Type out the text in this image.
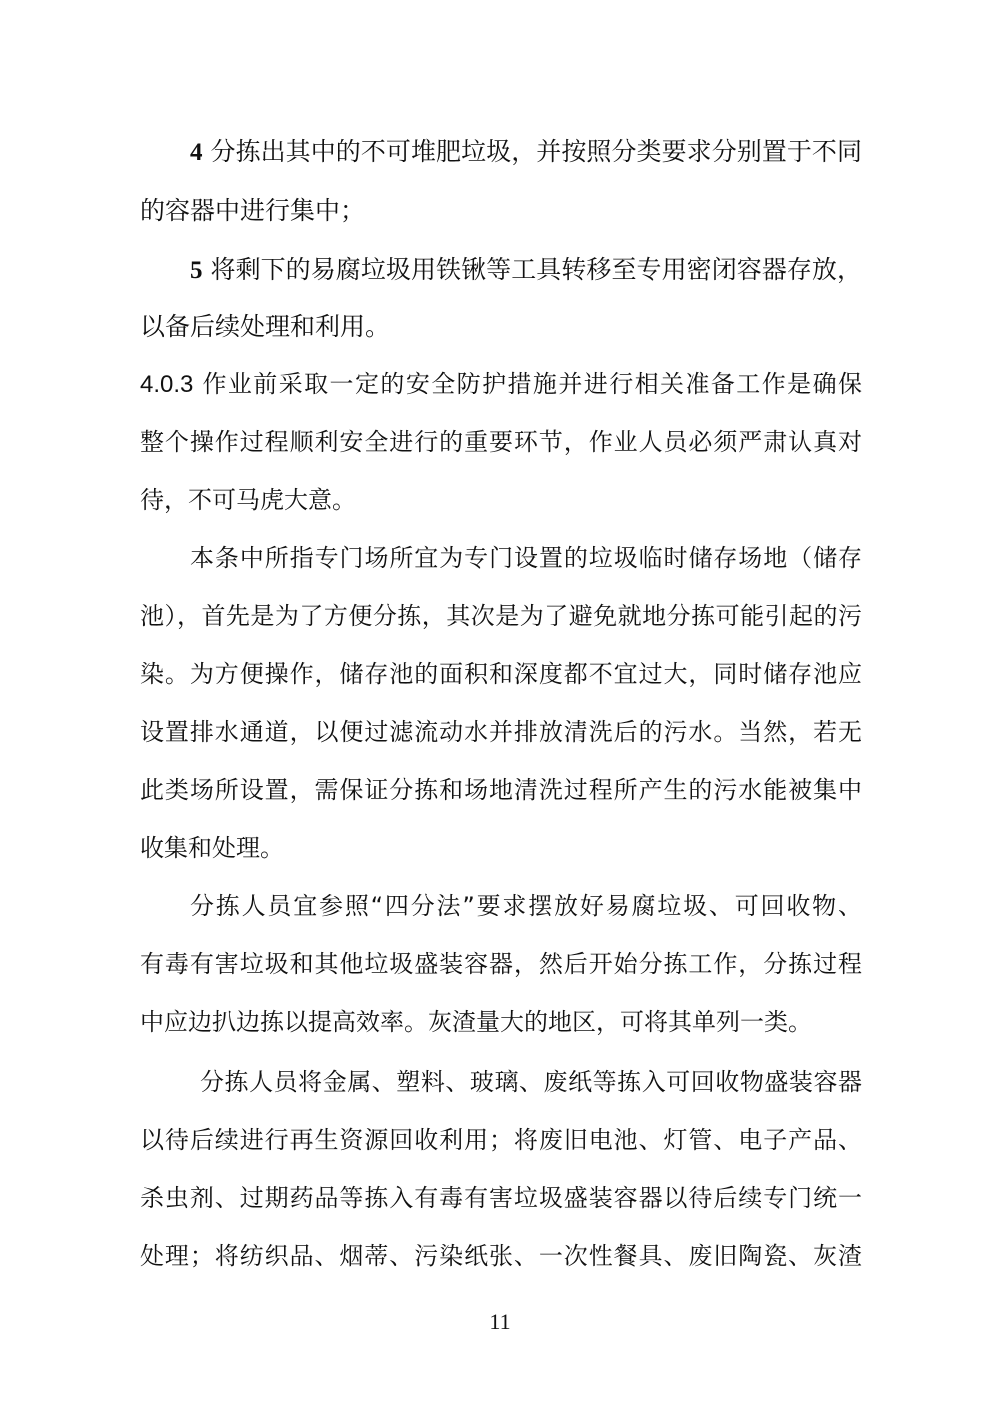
4 分拣出其中的不可堆肥垃圾，并按照分类要求分别置于不同
的容器中进行集中；
5 将剩下的易腐垃圾用铁锹等工具转移至专用密闭容器存放，
以备后续处理和利用。
4.0.3 作业前采取一定的安全防护措施并进行相关准备工作是确保
整个操作过程顺利安全进行的重要环节，作业人员必须严肃认真对
待，不可马虎大意。
本条中所指专门场所宜为专门设置的垃圾临时储存场地（储存
池），首先是为了方便分拣，其次是为了避免就地分拣可能引起的污
染。为方便操作，储存池的面积和深度都不宜过大，同时储存池应
设置排水通道，以便过滤流动水并排放清洗后的污水。当然，若无
此类场所设置，需保证分拣和场地清洗过程所产生的污水能被集中
收集和处理。
分拣人员宜参照“四分法”要求摆放好易腐垃圾、可回收物、
有毒有害垃圾和其他垃圾盛装容器，然后开始分拣工作，分拣过程
中应边扒边拣以提高效率。灰渣量大的地区，可将其单列一类。
分拣人员将金属、塑料、玻璃、废纸等拣入可回收物盛装容器
以待后续进行再生资源回收利用；将废旧电池、灯管、电子产品、
杀虫剂、过期药品等拣入有毒有害垃圾盛装容器以待后续专门统一
处理；将纺织品、烟蒂、污染纸张、一次性餐具、废旧陶瓷、灰渣
11
